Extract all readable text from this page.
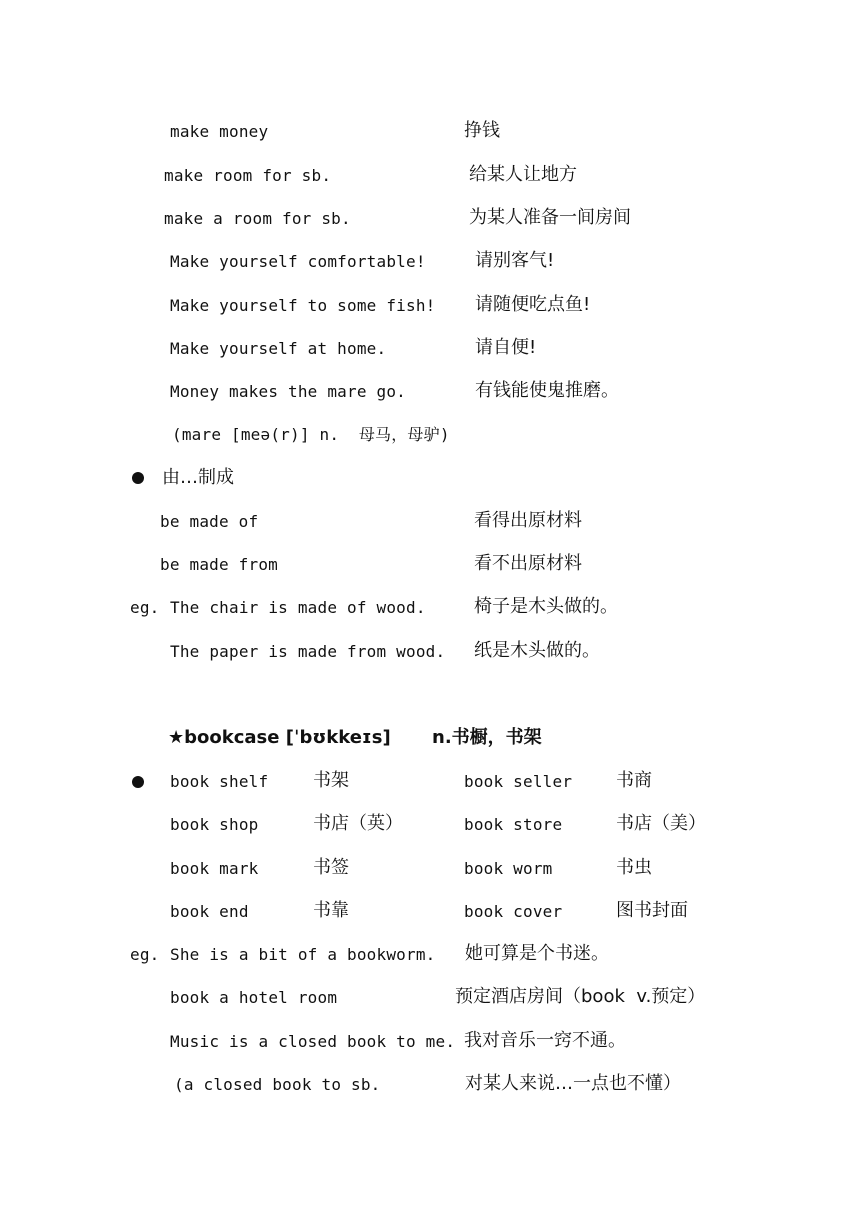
make money	挣钱
make room for sb.	给某人让地方
make a room for sb.	为某人准备一间房间
Make yourself comfortable!	请别客气!
Make yourself to some fish! 请随便吃点鱼!
Make yourself at home.	请自便!
Money makes the mare go.	有钱能使鬼推磨。
(mare [meə(r)] n.  母马，母驴)
由…制成
be made of	看得出原材料
be made from	看不出原材料
eg. The chair is made of wood.	椅子是木头做的。
The paper is made from wood. 纸是木头做的。
★bookcase [ˈbʊkkeɪs] n.书橱，书架
book shelf 书架	book seller 书商
book shop	书店（英）	book store	书店（美）
book mark	书签	book worm	书虫
book end	书靠	book cover	图书封面
eg. She is a bit of a bookworm. 她可算是个书迷。
book a hotel room	预定酒店房间（book  v.预定）
Music is a closed book to me. 我对音乐一窍不通。
(a closed book to sb.	对某人来说…一点也不懂）
